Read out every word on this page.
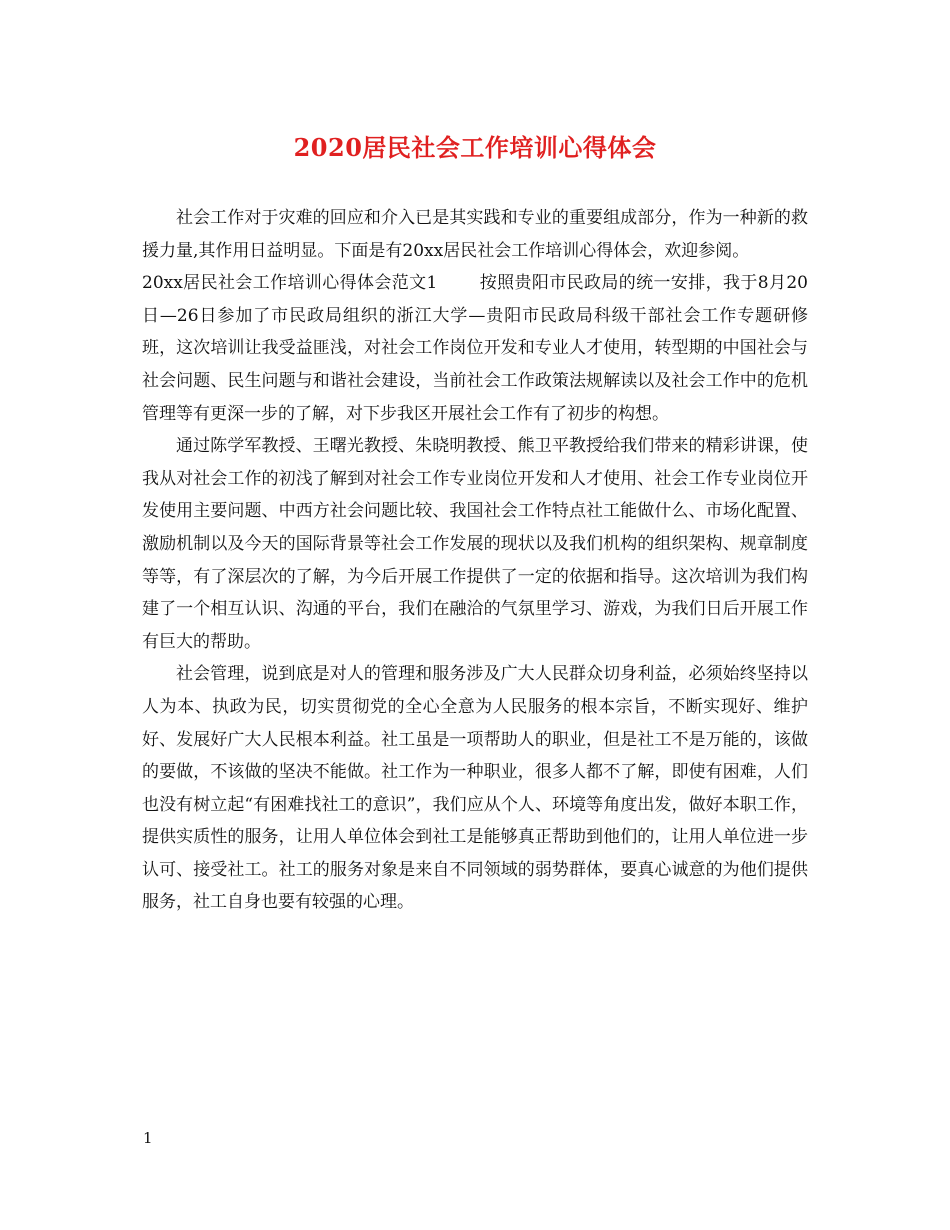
2020居民社会工作培训心得体会

社会工作对于灾难的回应和介入已是其实践和专业的重要组成部分，作为一种新的救援力量,其作用日益明显。下面是有20xx居民社会工作培训心得体会，欢迎参阅。

20xx居民社会工作培训心得体会范文1 按照贵阳市民政局的统一安排，我于8月20日—26日参加了市民政局组织的浙江大学—贵阳市民政局科级干部社会工作专题研修班，这次培训让我受益匪浅，对社会工作岗位开发和专业人才使用，转型期的中国社会与社会问题、民生问题与和谐社会建设，当前社会工作政策法规解读以及社会工作中的危机管理等有更深一步的了解，对下步我区开展社会工作有了初步的构想。

通过陈学军教授、王曙光教授、朱晓明教授、熊卫平教授给我们带来的精彩讲课，使我从对社会工作的初浅了解到对社会工作专业岗位开发和人才使用、社会工作专业岗位开发使用主要问题、中西方社会问题比较、我国社会工作特点社工能做什么、市场化配置、激励机制以及今天的国际背景等社会工作发展的现状以及我们机构的组织架构、规章制度等等，有了深层次的了解，为今后开展工作提供了一定的依据和指导。这次培训为我们构建了一个相互认识、沟通的平台，我们在融洽的气氛里学习、游戏，为我们日后开展工作有巨大的帮助。

社会管理，说到底是对人的管理和服务涉及广大人民群众切身利益，必须始终坚持以人为本、执政为民，切实贯彻党的全心全意为人民服务的根本宗旨，不断实现好、维护好、发展好广大人民根本利益。社工虽是一项帮助人的职业，但是社工不是万能的，该做的要做，不该做的坚决不能做。社工作为一种职业，很多人都不了解，即使有困难，人们也没有树立起“有困难找社工的意识”，我们应从个人、环境等角度出发，做好本职工作，提供实质性的服务，让用人单位体会到社工是能够真正帮助到他们的，让用人单位进一步认可、接受社工。社工的服务对象是来自不同领域的弱势群体，要真心诚意的为他们提供服务，社工自身也要有较强的心理。

1
